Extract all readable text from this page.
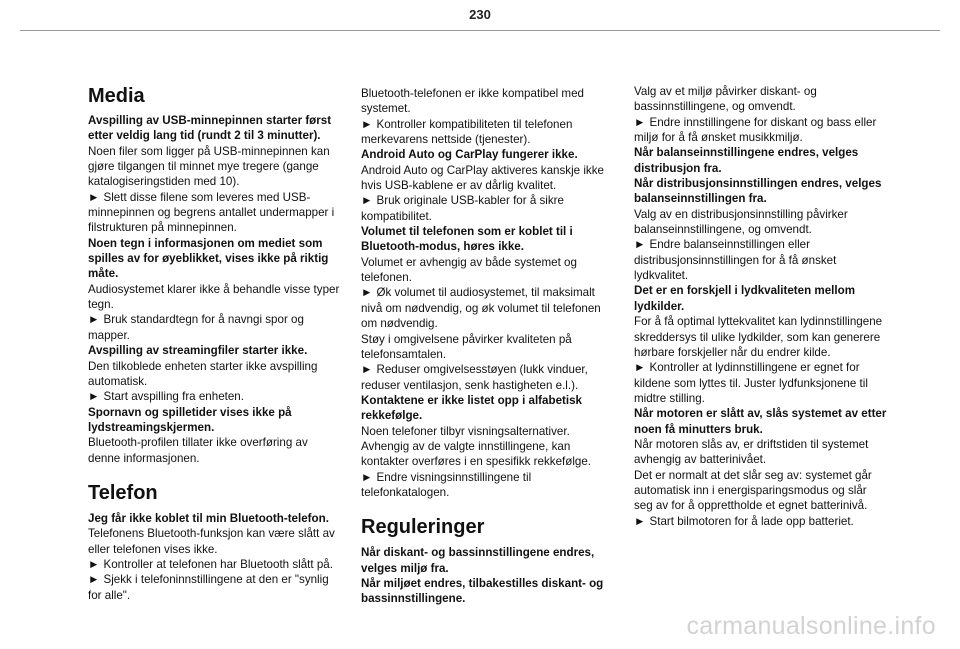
230
Media

Avspilling av USB-minnepinnen starter først etter veldig lang tid (rundt 2 til 3 minutter).

Noen filer som ligger på USB-minnepinnen kan gjøre tilgangen til minnet mye tregere (gange katalogiseringstiden med 10).

► Slett disse filene som leveres med USB-minnepinnen og begrens antallet undermapper i filstrukturen på minnepinnen.

Noen tegn i informasjonen om mediet som spilles av for øyeblikket, vises ikke på riktig måte.

Audiosystemet klarer ikke å behandle visse typer tegn.

► Bruk standardtegn for å navngi spor og mapper.

Avspilling av streamingfiler starter ikke.

Den tilkoblede enheten starter ikke avspilling automatisk.

► Start avspilling fra enheten.

Spornavn og spilletider vises ikke på lydstreamingskjermen.

Bluetooth-profilen tillater ikke overføring av denne informasjonen.

Telefon

Jeg får ikke koblet til min Bluetooth-telefon.

Telefonens Bluetooth-funksjon kan være slått av eller telefonen vises ikke.

► Kontroller at telefonen har Bluetooth slått på.

► Sjekk i telefoninnstillingene at den er "synlig for alle".

Bluetooth-telefonen er ikke kompatibel med systemet.

► Kontroller kompatibiliteten til telefonen merkevarens nettside (tjenester).

Android Auto og CarPlay fungerer ikke.

Android Auto og CarPlay aktiveres kanskje ikke hvis USB-kablene er av dårlig kvalitet.

► Bruk originale USB-kabler for å sikre kompatibilitet.

Volumet til telefonen som er koblet til i Bluetooth-modus, høres ikke.

Volumet er avhengig av både systemet og telefonen.

► Øk volumet til audiosystemet, til maksimalt nivå om nødvendig, og øk volumet til telefonen om nødvendig.

Støy i omgivelsene påvirker kvaliteten på telefonsamtalen.

► Reduser omgivelsesstøyen (lukk vinduer, reduser ventilasjon, senk hastigheten e.l.).

Kontaktene er ikke listet opp i alfabetisk rekkefølge.

Noen telefoner tilbyr visningsalternativer. Avhengig av de valgte innstillingene, kan kontakter overføres i en spesifikk rekkefølge.

► Endre visningsinnstillingene til telefonkatalogen.

Reguleringer

Når diskant- og bassinnstillingene endres, velges miljø fra.

Når miljøet endres, tilbakestilles diskant- og bassinnstillingene.

Valg av et miljø påvirker diskant- og bassinnstillingene, og omvendt.

► Endre innstillingene for diskant og bass eller miljø for å få ønsket musikkmiljø.

Når balanseinnstillingene endres, velges distribusjon fra.

Når distribusjonsinnstillingen endres, velges balanseinnstillingen fra.

Valg av en distribusjonsinnstilling påvirker balanseinnstillingene, og omvendt.

► Endre balanseinnstillingen eller distribusjonsinnstillingen for å få ønsket lydkvalitet.

Det er en forskjell i lydkvaliteten mellom lydkilder.

For å få optimal lyttekvalitet kan lydinnstillingene skreddersys til ulike lydkilder, som kan generere hørbare forskjeller når du endrer kilde.

► Kontroller at lydinnstillingene er egnet for kildene som lyttes til. Juster lydfunksjonene til midtre stilling.

Når motoren er slått av, slås systemet av etter noen få minutters bruk.

Når motoren slås av, er driftstiden til systemet avhengig av batterinivået.

Det er normalt at det slår seg av: systemet går automatisk inn i energisparingsmodus og slår seg av for å opprettholde et egnet batterinivå.

► Start bilmotoren for å lade opp batteriet.

carmanualsonline.info
